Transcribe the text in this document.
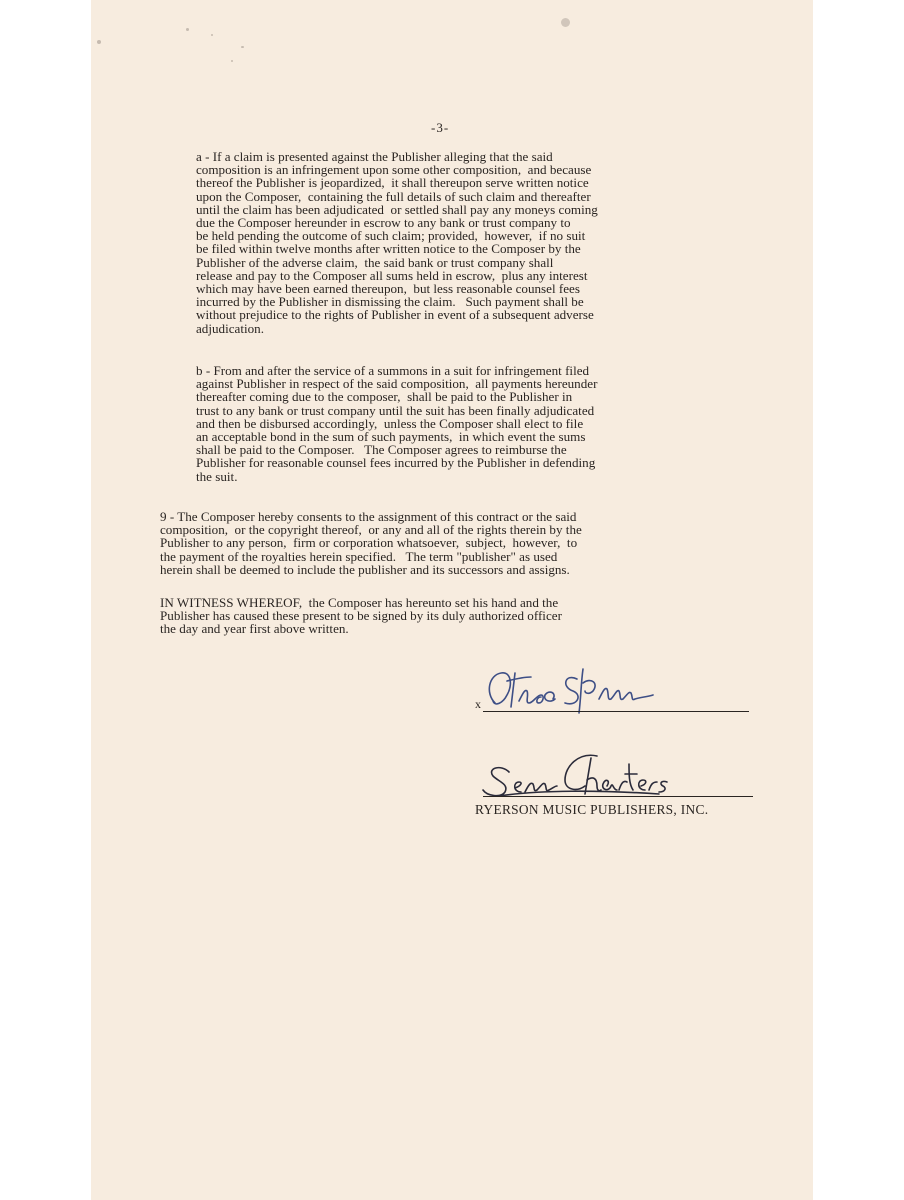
-3-

a - If a claim is presented against the Publisher alleging that the said
composition is an infringement upon some other composition,  and because
thereof the Publisher is jeopardized,  it shall thereupon serve written notice
upon the Composer,  containing the full details of such claim and thereafter
until the claim has been adjudicated  or settled shall pay any moneys coming
due the Composer hereunder in escrow to any bank or trust company to
be held pending the outcome of such claim; provided,  however,  if no suit
be filed within twelve months after written notice to the Composer by the
Publisher of the adverse claim,  the said bank or trust company shall
release and pay to the Composer all sums held in escrow,  plus any interest
which may have been earned thereupon,  but less reasonable counsel fees
incurred by the Publisher in dismissing the claim.   Such payment shall be
without prejudice to the rights of Publisher in event of a subsequent adverse
adjudication.

b - From and after the service of a summons in a suit for infringement filed
against Publisher in respect of the said composition,  all payments hereunder
thereafter coming due to the composer,  shall be paid to the Publisher in
trust to any bank or trust company until the suit has been finally adjudicated
and then be disbursed accordingly,  unless the Composer shall elect to file
an acceptable bond in the sum of such payments,  in which event the sums
shall be paid to the Composer.   The Composer agrees to reimburse the
Publisher for reasonable counsel fees incurred by the Publisher in defending
the suit.

9 - The Composer hereby consents to the assignment of this contract or the said
composition,  or the copyright thereof,  or any and all of the rights therein by the
Publisher to any person,  firm or corporation whatsoever,  subject,  however,  to
the payment of the royalties herein specified.   The term "publisher" as used
herein shall be deemed to include the publisher and its successors and assigns.

IN WITNESS WHEREOF,  the Composer has hereunto set his hand and the
Publisher has caused these present to be signed by its duly authorized officer
the day and year first above written.

x
RYERSON MUSIC PUBLISHERS, INC.
